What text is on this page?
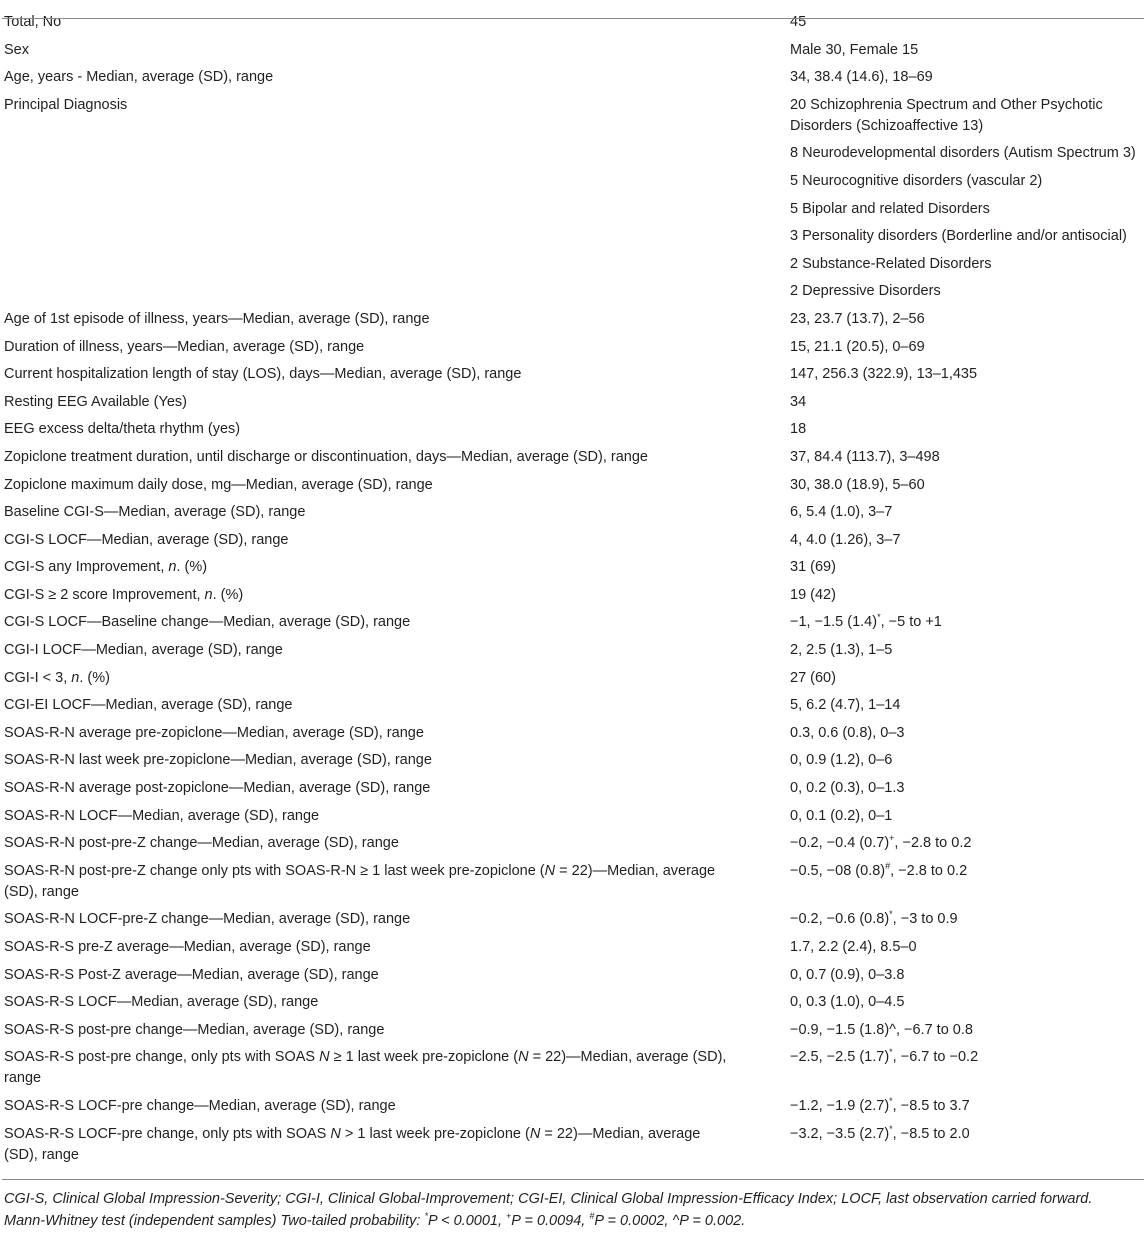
Total, No	45
Sex	Male 30, Female 15
Age, years - Median, average (SD), range	34, 38.4 (14.6), 18–69
Principal Diagnosis	20 Schizophrenia Spectrum and Other Psychotic Disorders (Schizoaffective 13)
	8 Neurodevelopmental disorders (Autism Spectrum 3)
	5 Neurocognitive disorders (vascular 2)
	5 Bipolar and related Disorders
	3 Personality disorders (Borderline and/or antisocial)
	2 Substance-Related Disorders
	2 Depressive Disorders
Age of 1st episode of illness, years—Median, average (SD), range	23, 23.7 (13.7), 2–56
Duration of illness, years—Median, average (SD), range	15, 21.1 (20.5), 0–69
Current hospitalization length of stay (LOS), days—Median, average (SD), range	147, 256.3 (322.9), 13–1,435
Resting EEG Available (Yes)	34
EEG excess delta/theta rhythm (yes)	18
Zopiclone treatment duration, until discharge or discontinuation, days—Median, average (SD), range	37, 84.4 (113.7), 3–498
Zopiclone maximum daily dose, mg—Median, average (SD), range	30, 38.0 (18.9), 5–60
Baseline CGI-S—Median, average (SD), range	6, 5.4 (1.0), 3–7
CGI-S LOCF—Median, average (SD), range	4, 4.0 (1.26), 3–7
CGI-S any Improvement, n. (%)	31 (69)
CGI-S ≥ 2 score Improvement, n. (%)	19 (42)
CGI-S LOCF—Baseline change—Median, average (SD), range	−1, −1.5 (1.4)*, −5 to +1
CGI-I LOCF—Median, average (SD), range	2, 2.5 (1.3), 1–5
CGI-I < 3, n. (%)	27 (60)
CGI-EI LOCF—Median, average (SD), range	5, 6.2 (4.7), 1–14
SOAS-R-N average pre-zopiclone—Median, average (SD), range	0.3, 0.6 (0.8), 0–3
SOAS-R-N last week pre-zopiclone—Median, average (SD), range	0, 0.9 (1.2), 0–6
SOAS-R-N average post-zopiclone—Median, average (SD), range	0, 0.2 (0.3), 0–1.3
SOAS-R-N LOCF—Median, average (SD), range	0, 0.1 (0.2), 0–1
SOAS-R-N post-pre-Z change—Median, average (SD), range	−0.2, −0.4 (0.7)+, −2.8 to 0.2
SOAS-R-N post-pre-Z change only pts with SOAS-R-N ≥ 1 last week pre-zopiclone (N = 22)—Median, average (SD), range	−0.5, −08 (0.8)#, −2.8 to 0.2
SOAS-R-N LOCF-pre-Z change—Median, average (SD), range	−0.2, −0.6 (0.8)*, −3 to 0.9
SOAS-R-S pre-Z average—Median, average (SD), range	1.7, 2.2 (2.4), 8.5–0
SOAS-R-S Post-Z average—Median, average (SD), range	0, 0.7 (0.9), 0–3.8
SOAS-R-S LOCF—Median, average (SD), range	0, 0.3 (1.0), 0–4.5
SOAS-R-S post-pre change—Median, average (SD), range	−0.9, −1.5 (1.8)^, −6.7 to 0.8
SOAS-R-S post-pre change, only pts with SOAS N ≥ 1 last week pre-zopiclone (N = 22)—Median, average (SD), range	−2.5, −2.5 (1.7)*, −6.7 to −0.2
SOAS-R-S LOCF-pre change—Median, average (SD), range	−1.2, −1.9 (2.7)*, −8.5 to 3.7
SOAS-R-S LOCF-pre change, only pts with SOAS N > 1 last week pre-zopiclone (N = 22)—Median, average (SD), range	−3.2, −3.5 (2.7)*, −8.5 to 2.0
CGI-S, Clinical Global Impression-Severity; CGI-I, Clinical Global-Improvement; CGI-EI, Clinical Global Impression-Efficacy Index; LOCF, last observation carried forward.
Mann-Whitney test (independent samples) Two-tailed probability: *P < 0.0001, +P = 0.0094, #P = 0.0002, ^P = 0.002.
